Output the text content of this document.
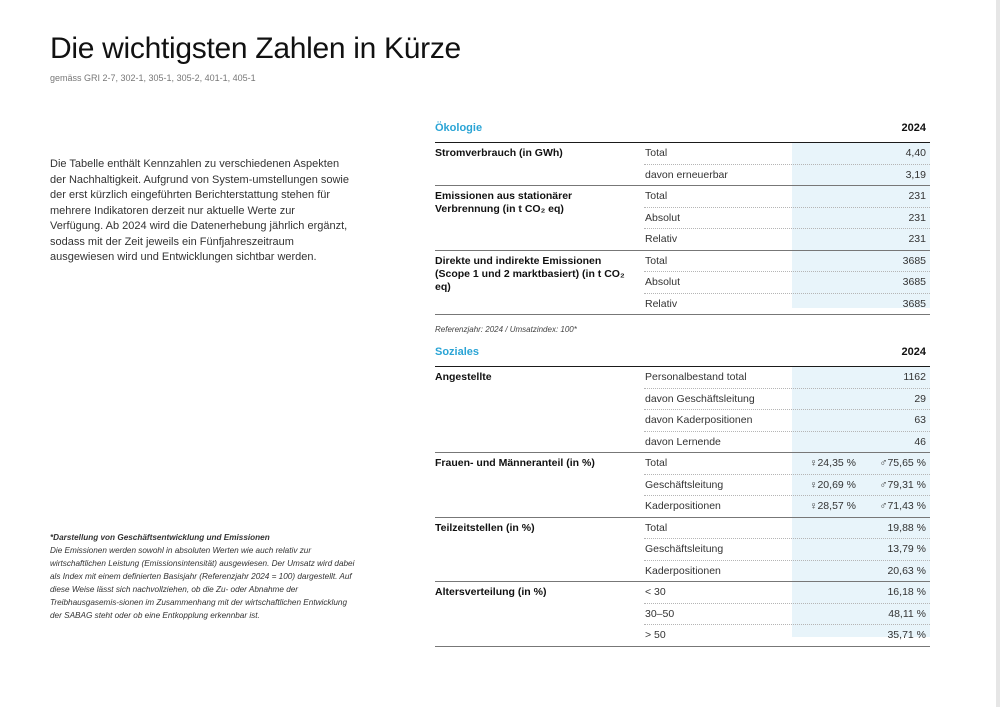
Die wichtigsten Zahlen in Kürze
gemäss GRI 2-7, 302-1, 305-1, 305-2, 401-1, 405-1

Die Tabelle enthält Kennzahlen zu verschiedenen Aspekten der Nachhaltigkeit. Aufgrund von System-umstellungen sowie der erst kürzlich eingeführten Berichterstattung stehen für mehrere Indikatoren derzeit nur aktuelle Werte zur Verfügung. Ab 2024 wird die Datenerhebung jährlich ergänzt, sodass mit der Zeit jeweils ein Fünfjahreszeitraum ausgewiesen wird und Entwicklungen sichtbar werden.

*Darstellung von Geschäftsentwicklung und Emissionen
Die Emissionen werden sowohl in absoluten Werten wie auch relativ zur wirtschaftlichen Leistung (Emissionsintensität) ausgewiesen. Der Umsatz wird dabei als Index mit einem definierten Basisjahr (Referenzjahr 2024 = 100) dargestellt. Auf diese Weise lässt sich nachvollziehen, ob die Zu- oder Abnahme der Treibhausgasemis-sionen im Zusammenhang mit der wirtschaftlichen Entwicklung der SABAG steht oder ob eine Entkopplung erkennbar ist.
Ökologie	2024
Stromverbrauch (in GWh)	Total	4,40
davon erneuerbar	3,19
Emissionen aus stationärer Verbrennung (in t CO₂ eq)
Total	231
Absolut	231
Relativ	231
Direkte und indirekte Emissionen (Scope 1 und 2 marktbasiert) (in t CO₂ eq)
Total	3685
Absolut	3685
Relativ	3685
Referenzjahr: 2024 / Umsatzindex: 100*
Soziales	2024
Angestellte	Personalbestand total	1162
davon Geschäftsleitung	29
davon Kaderpositionen	63
davon Lernende	46
Frauen- und Männeranteil (in %)	Total	♀24,35 % ♂75,65 %
Geschäftsleitung	♀20,69 % ♂79,31 %
Kaderpositionen	♀28,57 % ♂71,43 %
Teilzeitstellen (in %)	Total	19,88 %
Geschäftsleitung	13,79 %
Kaderpositionen	20,63 %
Altersverteilung (in %)	< 30	16,18 %
30–50	48,11 %
> 50	35,71 %
